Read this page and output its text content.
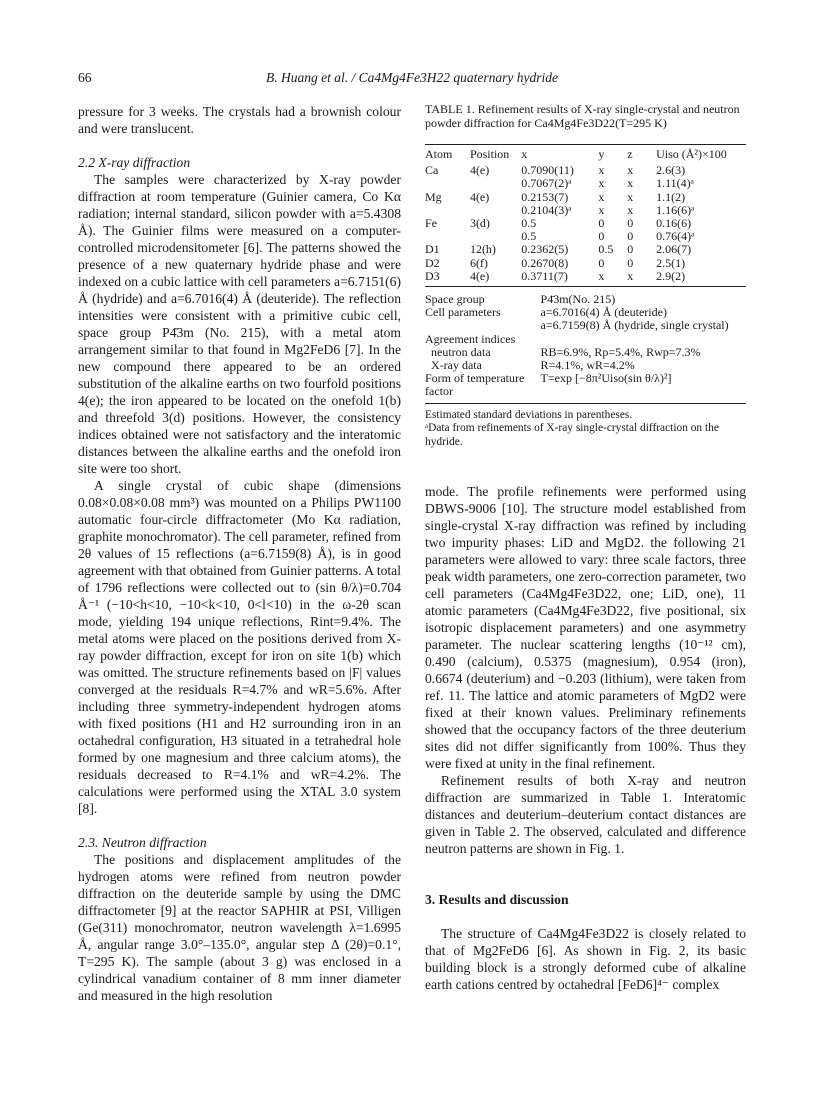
66	B. Huang et al. / Ca4Mg4Fe3H22 quaternary hydride

pressure for 3 weeks. The crystals had a brownish colour and were translucent.

2.2 X-ray diffraction

The samples were characterized by X-ray powder diffraction at room temperature (Guinier camera, Co Kα radiation; internal standard, silicon powder with a=5.4308 Å). The Guinier films were measured on a computer-controlled microdensitometer [6]. The patterns showed the presence of a new quaternary hydride phase and were indexed on a cubic lattice with cell parameters a=6.7151(6) Å (hydride) and a=6.7016(4) Å (deuteride). The reflection intensities were consistent with a primitive cubic cell, space group P4̄3m (No. 215), with a metal atom arrangement similar to that found in Mg2FeD6 [7]. In the new compound there appeared to be an ordered substitution of the alkaline earths on two fourfold positions 4(e); the iron appeared to be located on the onefold 1(b) and threefold 3(d) positions. However, the consistency indices obtained were not satisfactory and the interatomic distances between the alkaline earths and the onefold iron site were too short.

A single crystal of cubic shape (dimensions 0.08×0.08×0.08 mm³) was mounted on a Philips PW1100 automatic four-circle diffractometer (Mo Kα radiation, graphite monochromator). The cell parameter, refined from 2θ values of 15 reflections (a=6.7159(8) Å), is in good agreement with that obtained from Guinier patterns. A total of 1796 reflections were collected out to (sin θ/λ)=0.704 Å⁻¹ (−10<h<10, −10<k<10, 0<l<10) in the ω-2θ scan mode, yielding 194 unique reflections, Rint=9.4%. The metal atoms were placed on the positions derived from X-ray powder diffraction, except for iron on site 1(b) which was omitted. The structure refinements based on |F| values converged at the residuals R=4.7% and wR=5.6%. After including three symmetry-independent hydrogen atoms with fixed positions (H1 and H2 surrounding iron in an octahedral configuration, H3 situated in a tetrahedral hole formed by one magnesium and three calcium atoms), the residuals decreased to R=4.1% and wR=4.2%. The calculations were performed using the XTAL 3.0 system [8].

2.3. Neutron diffraction

The positions and displacement amplitudes of the hydrogen atoms were refined from neutron powder diffraction on the deuteride sample by using the DMC diffractometer [9] at the reactor SAPHIR at PSI, Villigen (Ge(311) monochromator, neutron wavelength λ=1.6995 Å, angular range 3.0°–135.0°, angular step Δ (2θ)=0.1°, T=295 K). The sample (about 3 g) was enclosed in a cylindrical vanadium container of 8 mm inner diameter and measured in the high resolution

TABLE 1. Refinement results of X-ray single-crystal and neutron powder diffraction for Ca4Mg4Fe3D22(T=295 K)

Atom	Position	x	y	z	Uiso (Å²)×100
Ca	4(e)	0.7090(11)	x	x	2.6(3)
		0.7067(2)ᵃ	x	x	1.11(4)ᵃ
Mg	4(e)	0.2153(7)	x	x	1.1(2)
		0.2104(3)ᵃ	x	x	1.16(6)ᵃ
Fe	3(d)	0.5	0	0	0.16(6)
		0.5	0	0	0.76(4)ᵃ
D1	12(h)	0.2362(5)	0.5	0	2.06(7)
D2	6(f)	0.2670(8)	0	0	2.5(1)
D3	4(e)	0.3711(7)	x	x	2.9(2)
Space group	P4̄3m(No. 215)
Cell parameters	a=6.7016(4) Å (deuteride)
	a=6.7159(8) Å (hydride, single crystal)
Agreement indices	
neutron data	RB=6.9%, Rp=5.4%, Rwp=7.3%
X-ray data	R=4.1%, wR=4.2%
Form of temperature factor	T=exp [−8π²Uiso(sin θ/λ)²]
Estimated standard deviations in parentheses.
ᵃData from refinements of X-ray single-crystal diffraction on the hydride.

mode. The profile refinements were performed using DBWS-9006 [10]. The structure model established from single-crystal X-ray diffraction was refined by including two impurity phases: LiD and MgD2. the following 21 parameters were allowed to vary: three scale factors, three peak width parameters, one zero-correction parameter, two cell parameters (Ca4Mg4Fe3D22, one; LiD, one), 11 atomic parameters (Ca4Mg4Fe3D22, five positional, six isotropic displacement parameters) and one asymmetry parameter. The nuclear scattering lengths (10⁻¹² cm), 0.490 (calcium), 0.5375 (magnesium), 0.954 (iron), 0.6674 (deuterium) and −0.203 (lithium), were taken from ref. 11. The lattice and atomic parameters of MgD2 were fixed at their known values. Preliminary refinements showed that the occupancy factors of the three deuterium sites did not differ significantly from 100%. Thus they were fixed at unity in the final refinement.

Refinement results of both X-ray and neutron diffraction are summarized in Table 1. Interatomic distances and deuterium–deuterium contact distances are given in Table 2. The observed, calculated and difference neutron patterns are shown in Fig. 1.

3. Results and discussion

The structure of Ca4Mg4Fe3D22 is closely related to that of Mg2FeD6 [6]. As shown in Fig. 2, its basic building block is a strongly deformed cube of alkaline earth cations centred by octahedral [FeD6]⁴⁻ complex
